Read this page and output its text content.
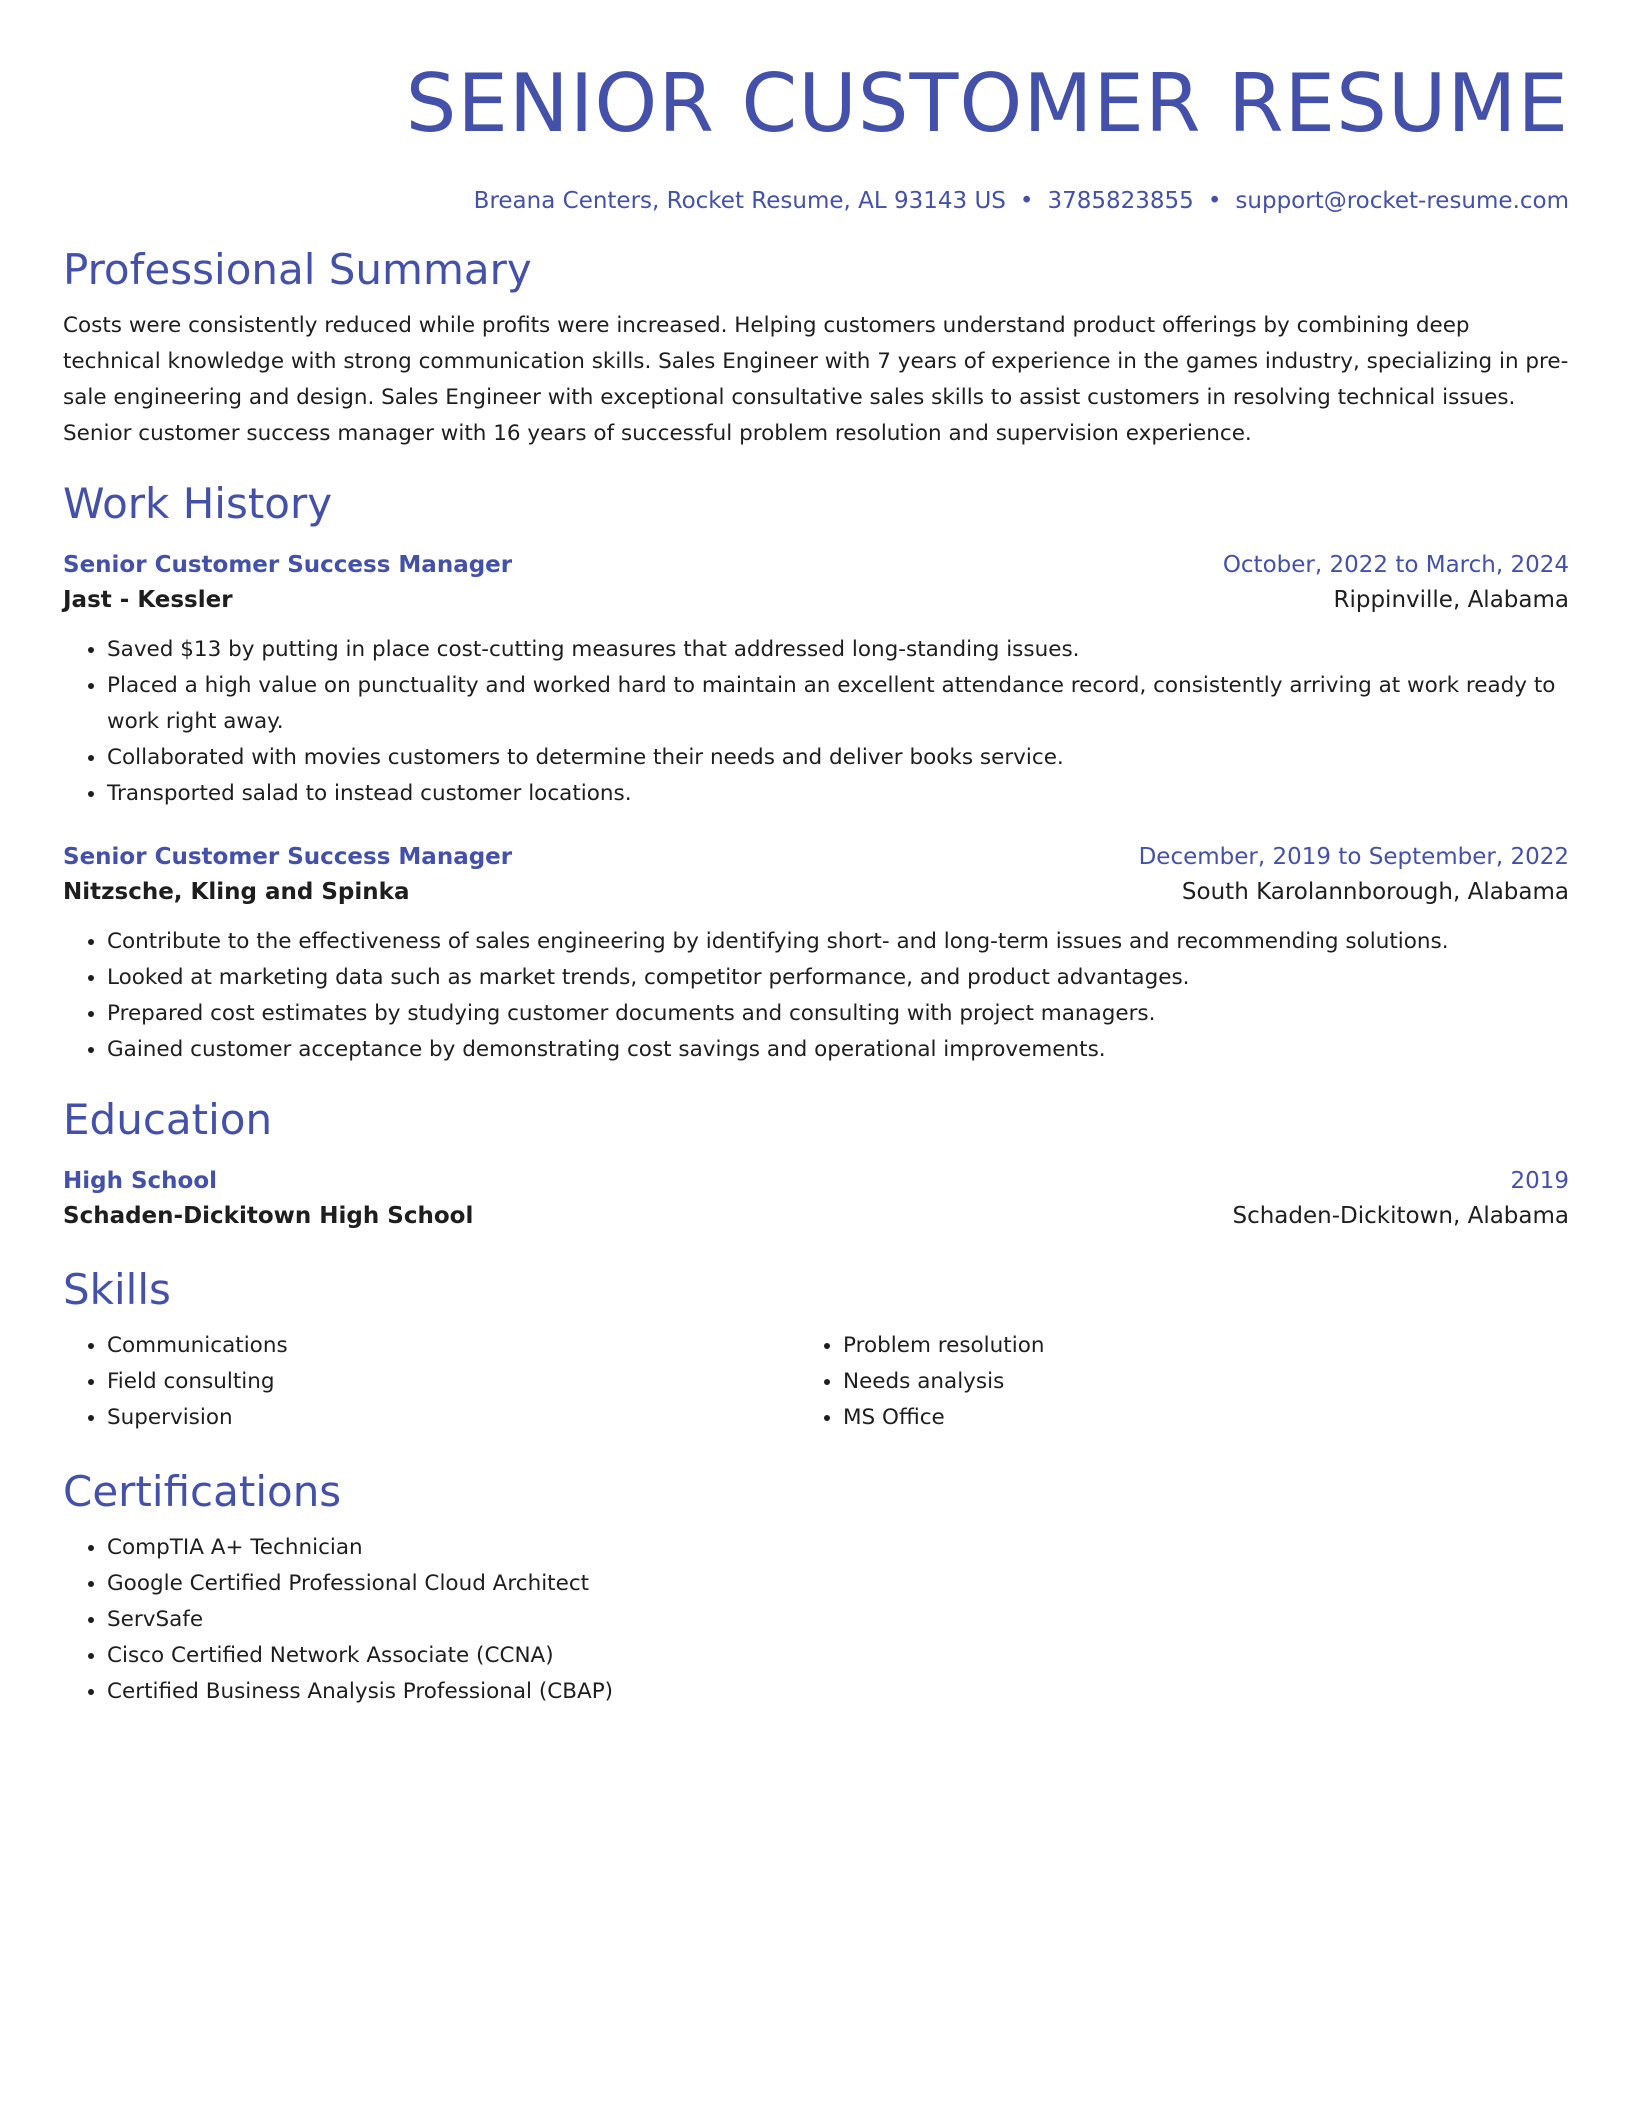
SENIOR CUSTOMER RESUME
Breana Centers, Rocket Resume, AL 93143 US • 3785823855 • support@rocket-resume.com
Professional Summary
Costs were consistently reduced while profits were increased. Helping customers understand product offerings by combining deep technical knowledge with strong communication skills. Sales Engineer with 7 years of experience in the games industry, specializing in pre-sale engineering and design. Sales Engineer with exceptional consultative sales skills to assist customers in resolving technical issues. Senior customer success manager with 16 years of successful problem resolution and supervision experience.
Work History
Senior Customer Success Manager	October, 2022 to March, 2024
Jast - Kessler	Rippinville, Alabama
• Saved $13 by putting in place cost-cutting measures that addressed long-standing issues.
• Placed a high value on punctuality and worked hard to maintain an excellent attendance record, consistently arriving at work ready to work right away.
• Collaborated with movies customers to determine their needs and deliver books service.
• Transported salad to instead customer locations.
Senior Customer Success Manager	December, 2019 to September, 2022
Nitzsche, Kling and Spinka	South Karolannborough, Alabama
• Contribute to the effectiveness of sales engineering by identifying short- and long-term issues and recommending solutions.
• Looked at marketing data such as market trends, competitor performance, and product advantages.
• Prepared cost estimates by studying customer documents and consulting with project managers.
• Gained customer acceptance by demonstrating cost savings and operational improvements.
Education
High School	2019
Schaden-Dickitown High School	Schaden-Dickitown, Alabama
Skills
• Communications
• Field consulting
• Supervision
• Problem resolution
• Needs analysis
• MS Office
Certifications
• CompTIA A+ Technician
• Google Certified Professional Cloud Architect
• ServSafe
• Cisco Certified Network Associate (CCNA)
• Certified Business Analysis Professional (CBAP)
